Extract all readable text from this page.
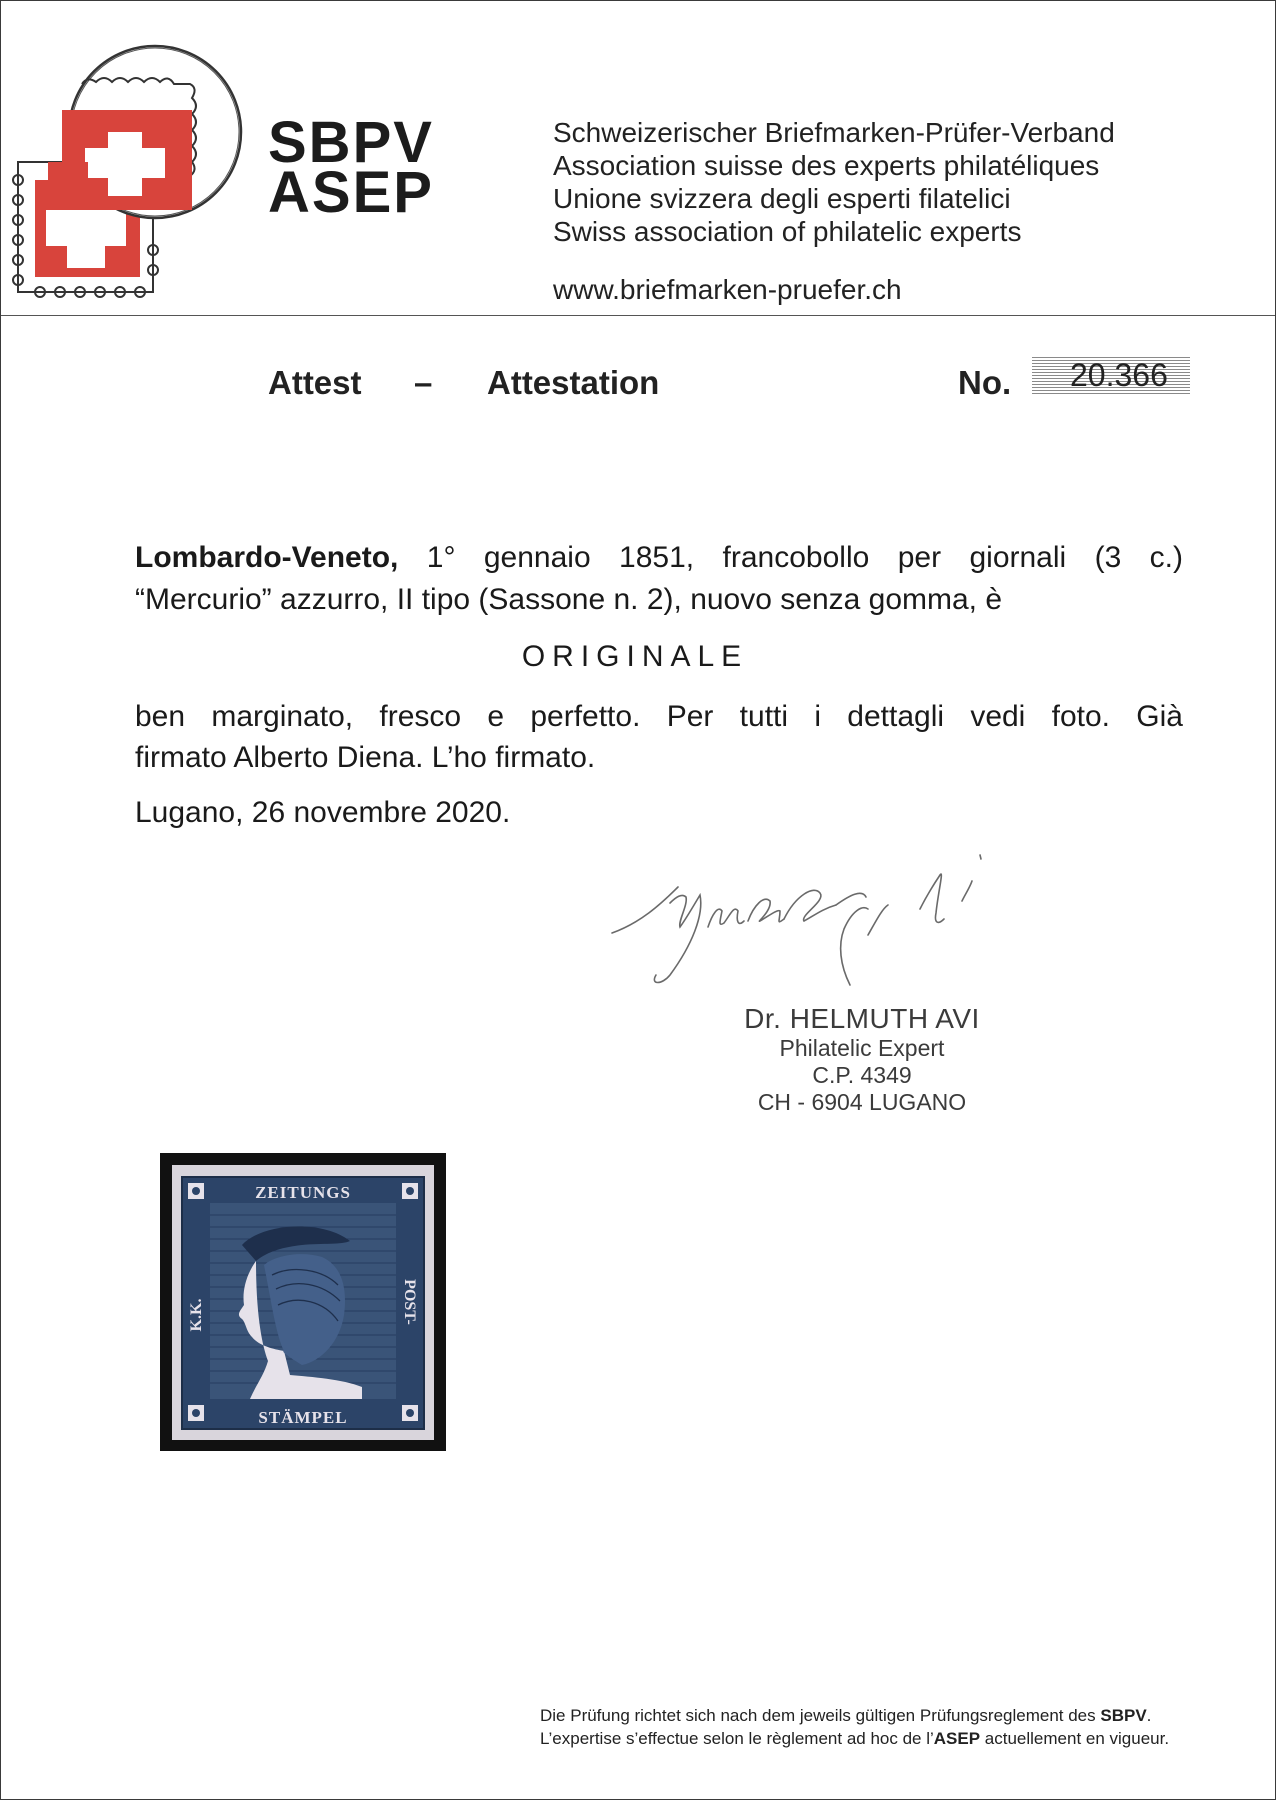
SBPV
ASEP
Schweizerischer Briefmarken-Prüfer-Verband
Association suisse des experts philatéliques
Unione svizzera degli esperti filatelici
Swiss association of philatelic experts
www.briefmarken-pruefer.ch
Attest – Attestation	No. 20.366
Lombardo-Veneto, 1° gennaio 1851, francobollo per giornali (3 c.)
“Mercurio” azzurro, II tipo (Sassone n. 2), nuovo senza gomma, è
ORIGINALE
ben marginato, fresco e perfetto. Per tutti i dettagli vedi foto. Già
firmato Alberto Diena. L’ho firmato.
Lugano, 26 novembre 2020.
Dr. HELMUTH AVI
Philatelic Expert
C.P. 4349
CH - 6904 LUGANO
ZEITUNGS
STÄMPEL
K.K.	POST-
Die Prüfung richtet sich nach dem jeweils gültigen Prüfungsreglement des SBPV.
L’expertise s’effectue selon le règlement ad hoc de l’ASEP actuellement en vigueur.
